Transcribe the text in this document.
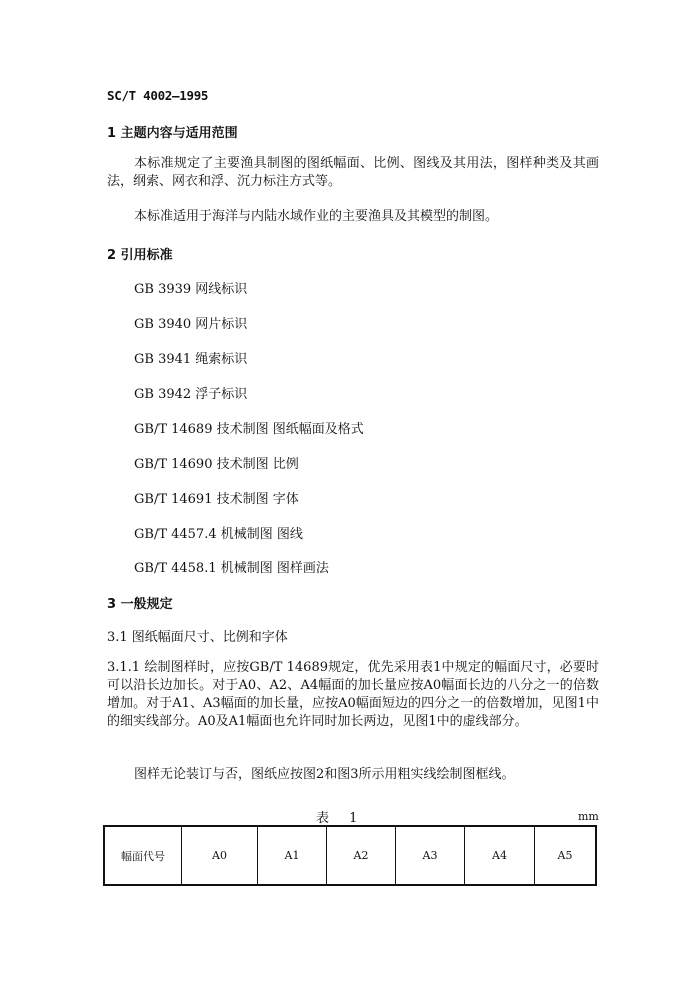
SC/T 4002—1995
1 主题内容与适用范围
本标准规定了主要渔具制图的图纸幅面、比例、图线及其用法，图样种类及其画法，纲索、网衣和浮、沉力标注方式等。
本标准适用于海洋与内陆水域作业的主要渔具及其模型的制图。
2 引用标准
GB 3939 网线标识
GB 3940 网片标识
GB 3941 绳索标识
GB 3942 浮子标识
GB/T 14689 技术制图 图纸幅面及格式
GB/T 14690 技术制图 比例
GB/T 14691 技术制图 字体
GB/T 4457.4 机械制图 图线
GB/T 4458.1 机械制图 图样画法
3 一般规定
3.1 图纸幅面尺寸、比例和字体
3.1.1 绘制图样时，应按GB/T 14689规定，优先采用表1中规定的幅面尺寸，必要时可以沿长边加长。对于A0、A2、A4幅面的加长量应按A0幅面长边的八分之一的倍数增加。对于A1、A3幅面的加长量，应按A0幅面短边的四分之一的倍数增加，见图1中的细实线部分。A0及A1幅面也允许同时加长两边，见图1中的虚线部分。
图样无论装订与否，图纸应按图2和图3所示用粗实线绘制图框线。
表 1	mm
幅面代号	A0	A1	A2	A3	A4	A5
